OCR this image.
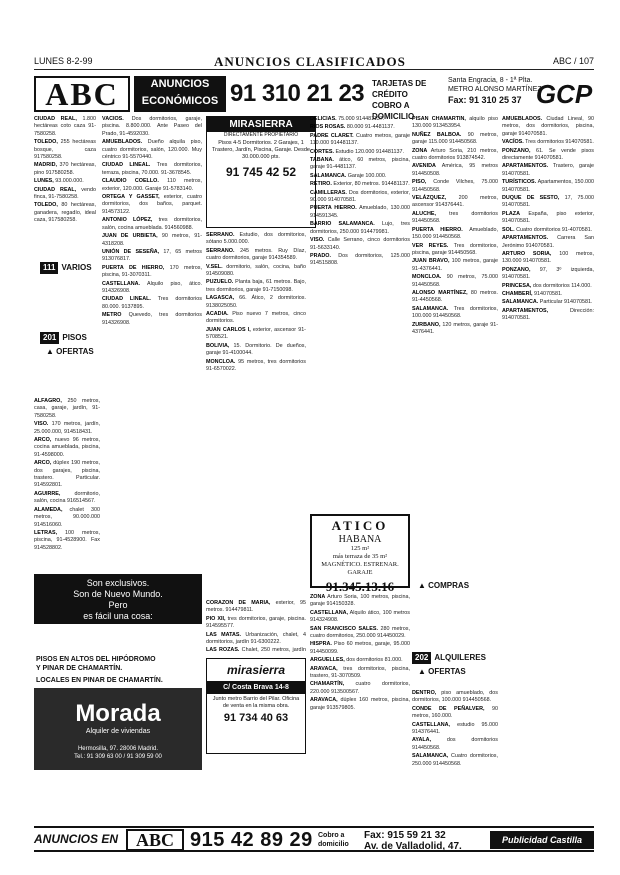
LUNES 8-2-99	ANUNCIOS CLASIFICADOS	ABC / 107
ABC	ANUNCIOS
ECONÓMICOS 91 310 21 23 TARJETAS DE CRÉDITO
COBRO A DOMICILIO
Santa Engracia, 8 - 1ª Plta.
METRO ALONSO MARTÍNEZ
Fax: 91 310 25 37 GCP

CIUDAD REAL, 1.800 hectáreas coto caza 91-7580258.

TOLEDO, 255 hectáreas bosque, caza 917580258.

MADRID, 370 hectáreas, pino 917580258.

LUNES, 93.000.000.

CIUDAD REAL, vendo finca, 91-7580258.

TOLEDO, 80 hectáreas, ganadera, regadío, ideal caza, 917580258.

111 VARIOS
201 PISOS
▲ OFERTAS

ALFAGRO, 250 metros, casa, garaje, jardín, 91-7580258.

VISO. 170 metros, jardín, 25.000.000, 914518431.

ARCO, nuevo 96 metros, cocina amueblada, piscina, 91-4598000.

ARCO, dúplex 190 metros, dos garajes, piscina, trastero. Particular. 914592801.

AGUIRRE, dormitorio, salón, cocina 916514567.

ALAMEDA, chalet 300 metros, 90.000.000 914516060.

LETRAS, 100 metros, piscina, 91-4528900. Fax 914528802.

VACIOS. Dos dormitorios, garaje, piscina. 8.800.000. Ante Paseo del Prado, 91-4592030.

AMUEBLADOS. Dueño alquila piso, cuatro dormitorios, salón, 120.000. Muy céntrico 91-5570440.

CIUDAD LINEAL. Tres dormitorios, terraza, piscina, 70.000. 91-3678545.

CLAUDIO COELLO. 110 metros, exterior, 120.000. Garaje 91-5783140.

ORTEGA Y GASSET, exterior, cuatro dormitorios, dos baños, parquet. 914573122.

ANTONIO LÓPEZ, tres dormitorios, salón, cocina amueblada. 914560988.

JUAN DE URBIETA, 90 metros, 91-4318208.

UNIÓN DE SESEÑA, 17, 65 metros 913076817.

PUERTA DE HIERRO, 170 metros, piscina, 91-3070311.

CASTELLANA. Alquilo piso, ático. 914326908.

CIUDAD LINEAL. Tres dormitorios 80.000. 9137895.

METRO Quevedo, tres dormitorios 914326908.

MIRASIERRA
DIRECTAMENTE PROPIETARIO
Pisos 4-5 Dormitorios. 2 Garajes, 1 Trastero, Jardín, Piscina, Garaje. Desde 30.000.000 pts.
91 745 42 52

SERRANO. Estudio, dos dormitorios, sótano 5.000.000.

SERRANO. 245 metros. Ruy Díaz, cuatro dormitorios, garaje 914354589.

V.SEL. dormitorio, salón, cocina, baño 914509080.

PUZUELO. Planta baja, 61 metros. Bajo, tres dormitorios, garaje 91-7150098.

LAGASCA, 66. Ático, 2 dormitorios. 9138025050.

ACADIA. Piso nuevo 7 metros, cinco dormitorios.

JUAN CARLOS I, exterior, ascensor 91-5708521.

BOLIVIA, 15. Dormitorio. De dueños, garaje 91-4100044.

MONCLOA. 95 metros, tres dormitorios 91-6570022.

DELICIAS. 75.000 914481137.

RIOS ROSAS. 80.000 91-4481137.

PADRE CLARET. Cuatro metros, garaje 110.000 914481137.

CORTES. Estudio 120.000 914481137.

TABANA. ático, 60 metros, piscina, garaje 91-4481137.

SALAMANCA. Garaje 100.000.

RETIRO. Exterior, 80 metros. 914481137.

CAMILLERAS. Dos dormitorios, exterior, 90.000 914070581.

PUERTA HIERRO. Amueblado, 130.000 914591345.

BARRIO SALAMANCA. Lujo, tres dormitorios, 250.000 914479981.

VISO. Calle Serrano, cinco dormitorios 91-5633140.

PRADO. Dos dormitorios, 125.000 914515808.

ATICO
HABANA
125 m²
más terraza de 35 m²
MAGNÉTICO. ESTRENAR. GARAJE
91.345.13.16

CORAZÓN DE MARÍA, exterior, 95 metros. 914479811.

PIO XII, tres dormitorios, garaje, piscina. 914595577.

LAS MATAS. Urbanización, chalet, 4 dormitorios, jardín 91-6300222.

LAS ROZAS. Chalet, 250 metros, jardín

ZONA Arturo Soria, 100 metros, piscina, garaje 914150328.

CASTELLANA, Alquilo ático, 100 metros 914324908.

SAN FRANCISCO SALES. 280 metros, cuatro dormitorios, 250.000 914450029.

HISPRA. Piso 60 metros, garaje, 95.000 914450099.

ARGUELLES, dos dormitorios 81.000.

ARAVACA, tres dormitorios, piscina, trastero, 91-3070509.

CHAMARTÍN, cuatro dormitorios, 220.000 913500567.

ARAVACA, dúplex 160 metros, piscina, garaje 913579805.

PISAN CHAMARTÍN, alquilo piso 130.000 913453954.

NUÑEZ BALBOA. 90 metros, garaje 115.000 914450568.

ZONA Arturo Soria, 210 metros, cuatro dormitorios 913874542.

AVENIDA América, 95 metros 914450508.

PISO, Conde Vilches, 75.000 914450568.

VELÁZQUEZ, 200 metros, ascensor 914376441.

ALUCHE, tres dormitorios 914450568.

PUERTA HIERRO. Amueblado, 150.000 914450568.

VER REYES. Tres dormitorios, piscina, garaje 914450568.

JUAN BRAVO, 100 metros, garaje 91-4376441.

MONCLOA. 90 metros, 75.000 914450568.

ALONSO MARTÍNEZ, 80 metros. 91-4450568.

SALAMANCA. Tres dormitorios, 100.000 914450568.

ZURBANO, 120 metros, garaje 91-4376441.

▲ COMPRAS
202 ALQUILERES
▲ OFERTAS

DENTRO, piso amueblado, dos dormitorios, 100.000 914450568.

CONDE DE PEÑALVER, 90 metros, 160.000.

CASTELLANA, estudio 95.000 914376441.

AYALA, dos dormitorios 914450568.

SALAMANCA, Cuatro dormitorios, 250.000 914450568.

AMUEBLADOS. Ciudad Lineal, 90 metros, dos dormitorios, piscina, garaje 914070581.

VACÍOS. Tres dormitorios 914070581.

PONZANO, 61. Se vende pisos directamente 914070581.

APARTAMENTOS. Trastero, garaje 914070581.

TURÍSTICOS. Apartamentos, 150.000 914070581.

DUQUE DE SESTO, 17, 75.000 914070581.

PLAZA España, piso exterior, 914070581.

SOL. Cuatro dormitorios 91-4070581.

APARTAMENTOS. Carrera San Jerónimo 914070581.

ARTURO SORIA, 100 metros, 130.000 914070581.

PONZANO, 97, 3º izquierda, 914070581.

PRINCESA, dos dormitorios 114.000.

CHAMBERÍ, 914070581.

SALAMANCA. Particular 914070581.

APARTAMENTOS, Dirección: 914070581.

Son exclusivos.
Son de Nuevo Mundo.
Pero
es fácil una cosa:
Información
PISOS EN ALTOS DEL HIPÓDROMO
Y PINAR DE CHAMARTÍN.
LOCALES EN PINAR DE CHAMARTÍN.
Morada
Alquiler de viviendas
Hermosilla, 97. 28006 Madrid.
Tel.: 91 309 63 00 / 91 309 59 00
mirasierra
C/ Costa Brava 14-8
Junto metro Barrio del Pilar. Oficina de venta en la misma obra.
91 734 40 63
ANUNCIOS EN ABC 915 42 89 29 Cobro a
domicilio
Fax: 915 59 21 32
Av. de Valladolid, 47.
Publicidad Castilla
